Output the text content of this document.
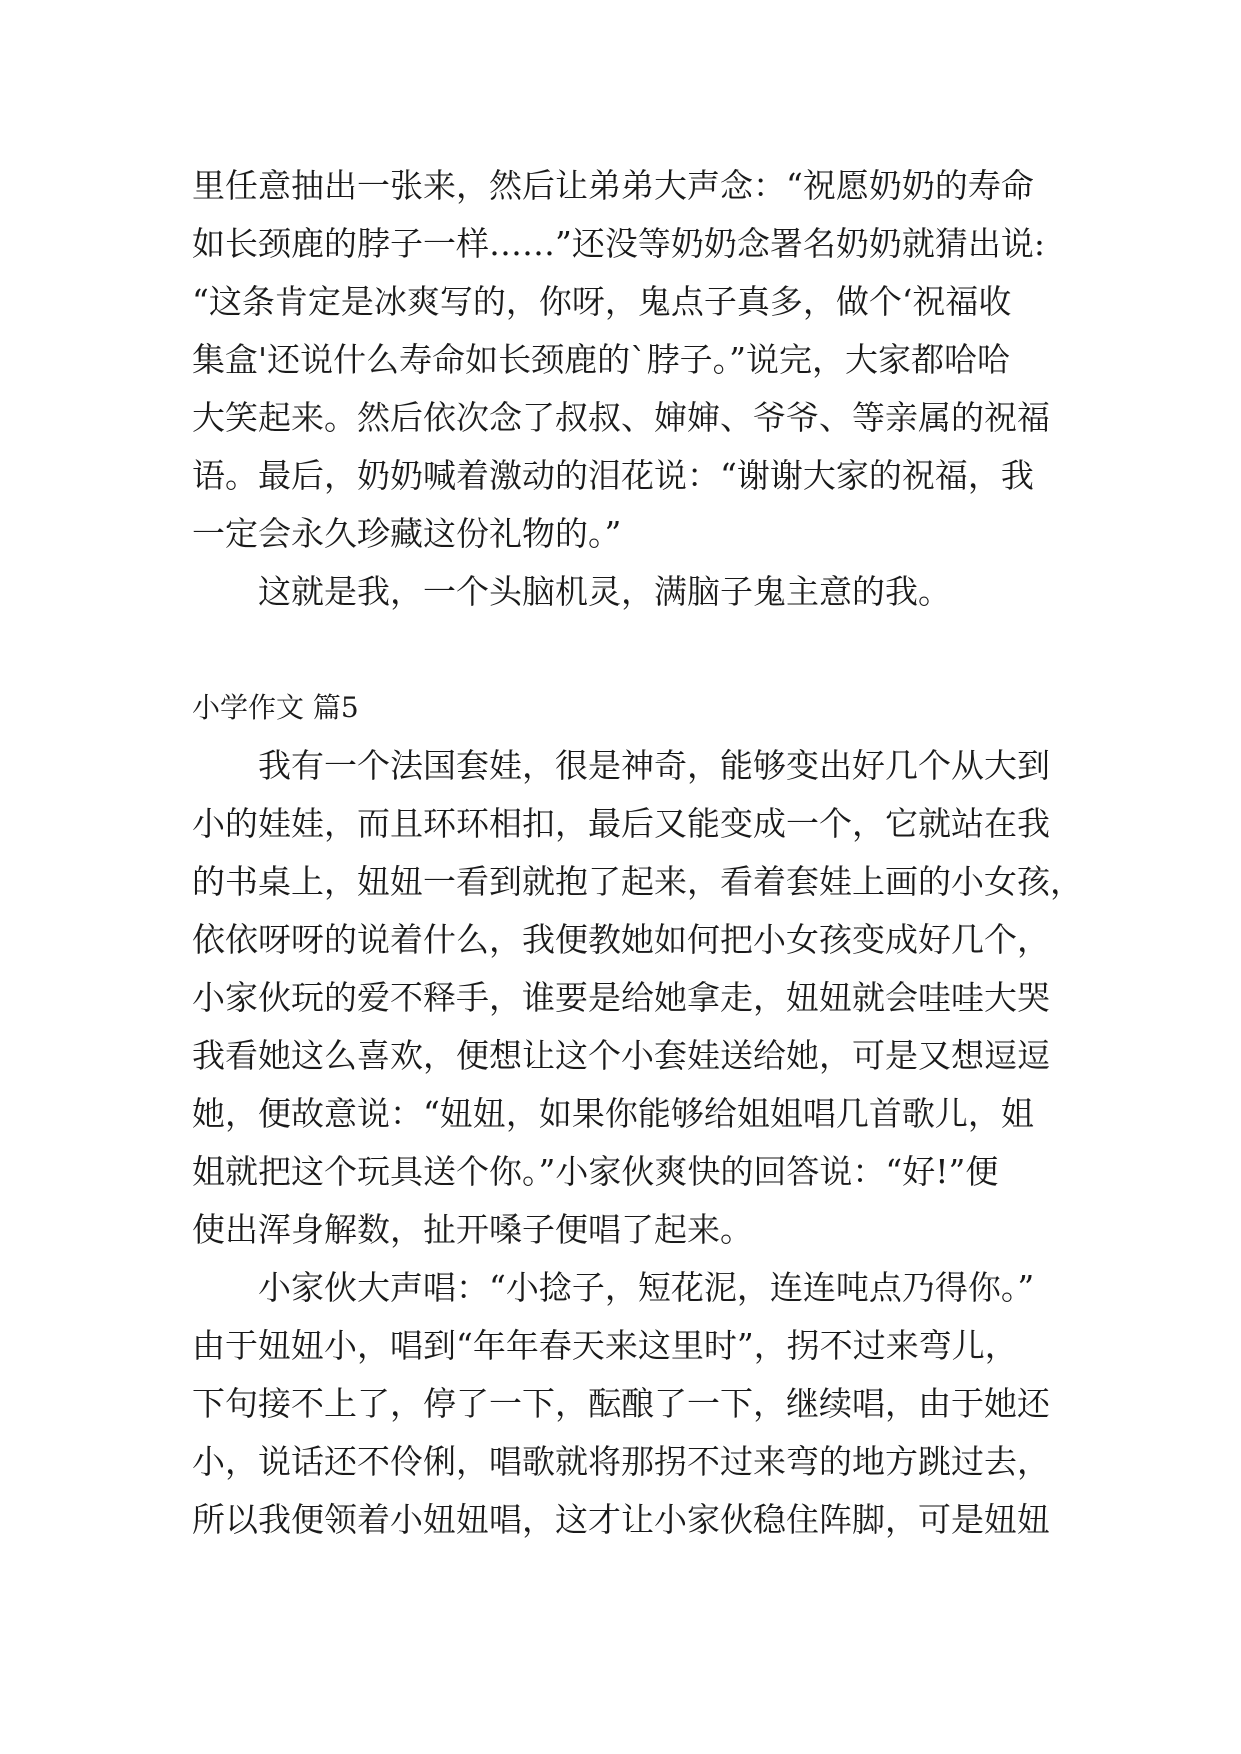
里任意抽出一张来，然后让弟弟大声念：“祝愿奶奶的寿命
如长颈鹿的脖子一样……”还没等奶奶念署名奶奶就猜出说:
“这条肯定是冰爽写的，你呀，鬼点子真多，做个‘祝福收
集盒'还说什么寿命如长颈鹿的`脖子。”说完，大家都哈哈
大笑起来。然后依次念了叔叔、婶婶、爷爷、等亲属的祝福
语。最后，奶奶喊着激动的泪花说：“谢谢大家的祝福，我
一定会永久珍藏这份礼物的。”
这就是我，一个头脑机灵，满脑子鬼主意的我。
小学作文 篇5
我有一个法国套娃，很是神奇，能够变出好几个从大到
小的娃娃，而且环环相扣，最后又能变成一个，它就站在我
的书桌上，妞妞一看到就抱了起来，看着套娃上画的小女孩，
依依呀呀的说着什么，我便教她如何把小女孩变成好几个，
小家伙玩的爱不释手，谁要是给她拿走，妞妞就会哇哇大哭
我看她这么喜欢，便想让这个小套娃送给她，可是又想逗逗
她，便故意说：“妞妞，如果你能够给姐姐唱几首歌儿，姐
姐就把这个玩具送个你。”小家伙爽快的回答说：“好!”便
使出浑身解数，扯开嗓子便唱了起来。
小家伙大声唱：“小捻子，短花泥，连连吨点乃得你。”
由于妞妞小，唱到“年年春天来这里时”，拐不过来弯儿，
下句接不上了，停了一下，酝酿了一下，继续唱，由于她还
小，说话还不伶俐，唱歌就将那拐不过来弯的地方跳过去，
所以我便领着小妞妞唱，这才让小家伙稳住阵脚，可是妞妞
